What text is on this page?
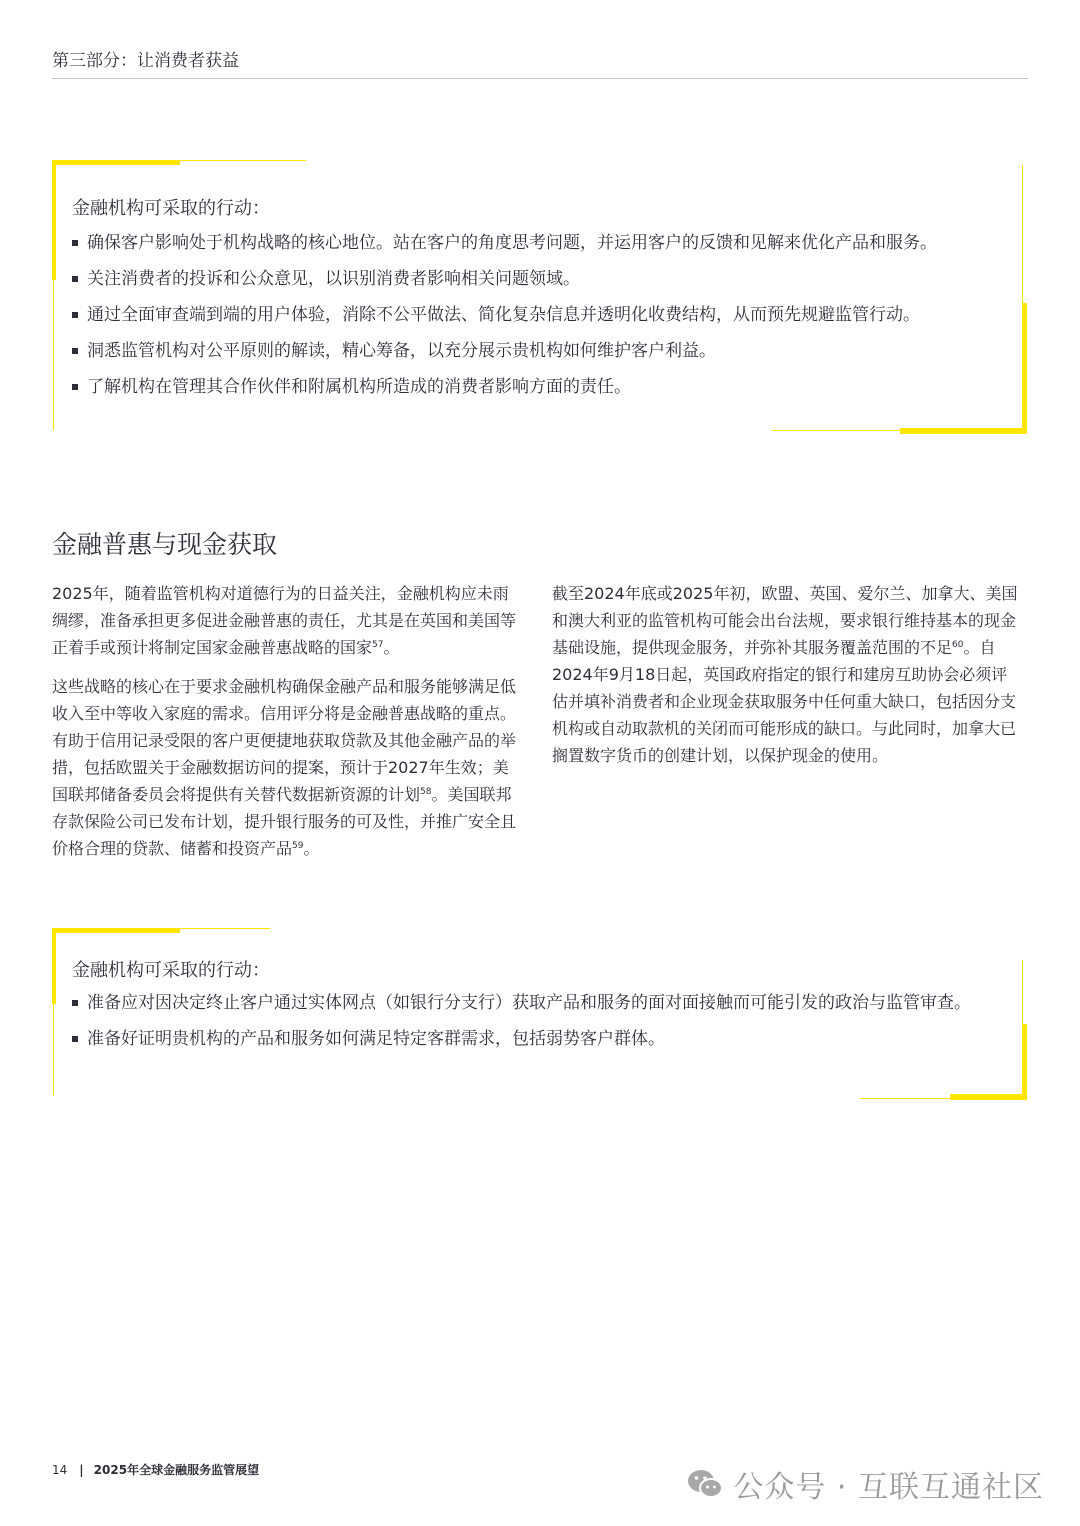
第三部分：让消费者获益
金融机构可采取的行动：
确保客户影响处于机构战略的核心地位。站在客户的角度思考问题，并运用客户的反馈和见解来优化产品和服务。
关注消费者的投诉和公众意见，以识别消费者影响相关问题领域。
通过全面审查端到端的用户体验，消除不公平做法、简化复杂信息并透明化收费结构，从而预先规避监管行动。
洞悉监管机构对公平原则的解读，精心筹备，以充分展示贵机构如何维护客户利益。
了解机构在管理其合作伙伴和附属机构所造成的消费者影响方面的责任。
金融普惠与现金获取

2025年，随着监管机构对道德行为的日益关注，金融机构应未雨绸缪，准备承担更多促进金融普惠的责任，尤其是在英国和美国等正着手或预计将制定国家金融普惠战略的国家$^{57}$。

这些战略的核心在于要求金融机构确保金融产品和服务能够满足低收入至中等收入家庭的需求。信用评分将是金融普惠战略的重点。有助于信用记录受限的客户更便捷地获取贷款及其他金融产品的举措，包括欧盟关于金融数据访问的提案，预计于2027年生效；美国联邦储备委员会将提供有关替代数据新资源的计划$^{58}$。美国联邦存款保险公司已发布计划，提升银行服务的可及性，并推广安全且价格合理的贷款、储蓄和投资产品$^{59}$。

截至2024年底或2025年初，欧盟、英国、爱尔兰、加拿大、美国和澳大利亚的监管机构可能会出台法规，要求银行维持基本的现金基础设施，提供现金服务，并弥补其服务覆盖范围的不足$^{60}$。自2024年9月18日起，英国政府指定的银行和建房互助协会必须评估并填补消费者和企业现金获取服务中任何重大缺口，包括因分支机构或自动取款机的关闭而可能形成的缺口。与此同时，加拿大已搁置数字货币的创建计划，以保护现金的使用。

金融机构可采取的行动：
准备应对因决定终止客户通过实体网点（如银行分支行）获取产品和服务的面对面接触而可能引发的政治与监管审查。
准备好证明贵机构的产品和服务如何满足特定客群需求，包括弱势客户群体。
14 | 2025年全球金融服务监管展望	公众号 · 互联互通社区
